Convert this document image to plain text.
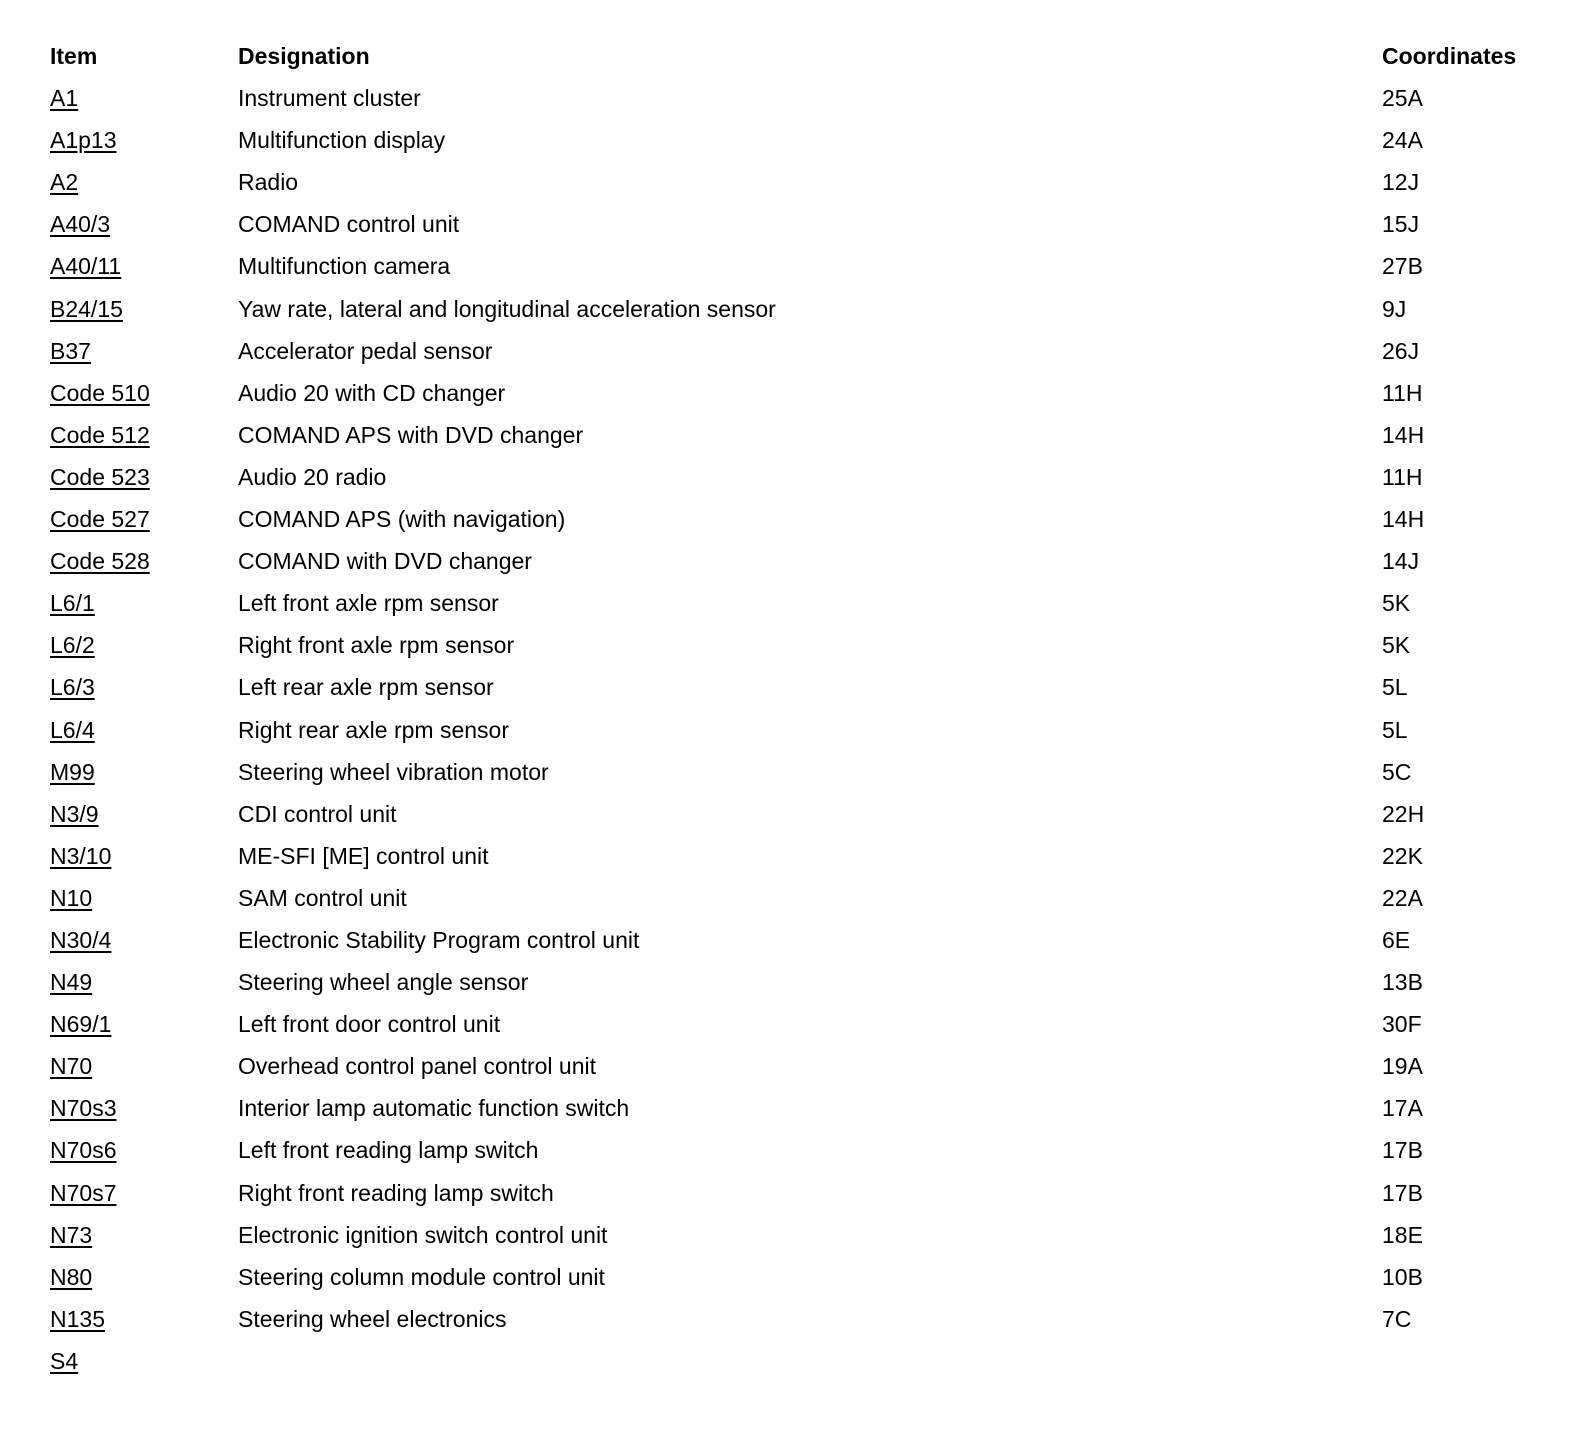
Item	Designation	Coordinates
A1	Instrument cluster	25A
A1p13	Multifunction display	24A
A2	Radio	12J
A40/3	COMAND control unit	15J
A40/11	Multifunction camera	27B
B24/15	Yaw rate, lateral and longitudinal acceleration sensor	9J
B37	Accelerator pedal sensor	26J
Code 510	Audio 20 with CD changer	11H
Code 512	COMAND APS with DVD changer	14H
Code 523	Audio 20 radio	11H
Code 527	COMAND APS (with navigation)	14H
Code 528	COMAND with DVD changer	14J
L6/1	Left front axle rpm sensor	5K
L6/2	Right front axle rpm sensor	5K
L6/3	Left rear axle rpm sensor	5L
L6/4	Right rear axle rpm sensor	5L
M99	Steering wheel vibration motor	5C
N3/9	CDI control unit	22H
N3/10	ME-SFI [ME] control unit	22K
N10	SAM control unit	22A
N30/4	Electronic Stability Program control unit	6E
N49	Steering wheel angle sensor	13B
N69/1	Left front door control unit	30F
N70	Overhead control panel control unit	19A
N70s3	Interior lamp automatic function switch	17A
N70s6	Left front reading lamp switch	17B
N70s7	Right front reading lamp switch	17B
N73	Electronic ignition switch control unit	18E
N80	Steering column module control unit	10B
N135	Steering wheel electronics	7C
S4
